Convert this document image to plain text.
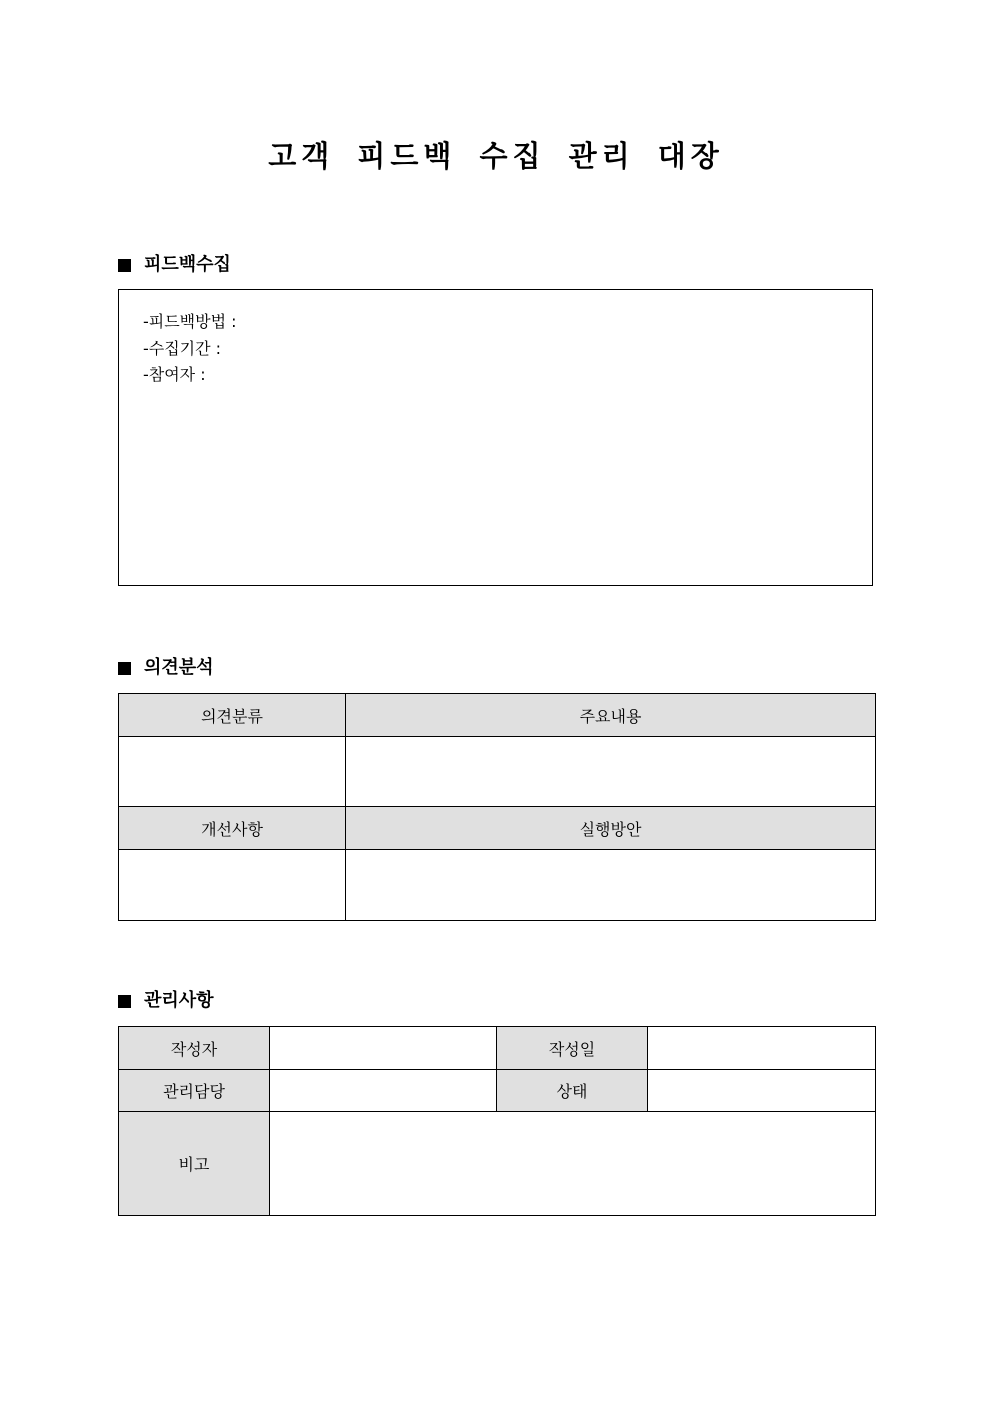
고객 피드백 수집 관리 대장
피드백수집
-피드백방법 :
-수집기간 :
-참여자 :
의견분석
의견분류	주요내용

개선사항	실행방안

관리사항
작성자		작성일	
관리담당		상태	
비고			
